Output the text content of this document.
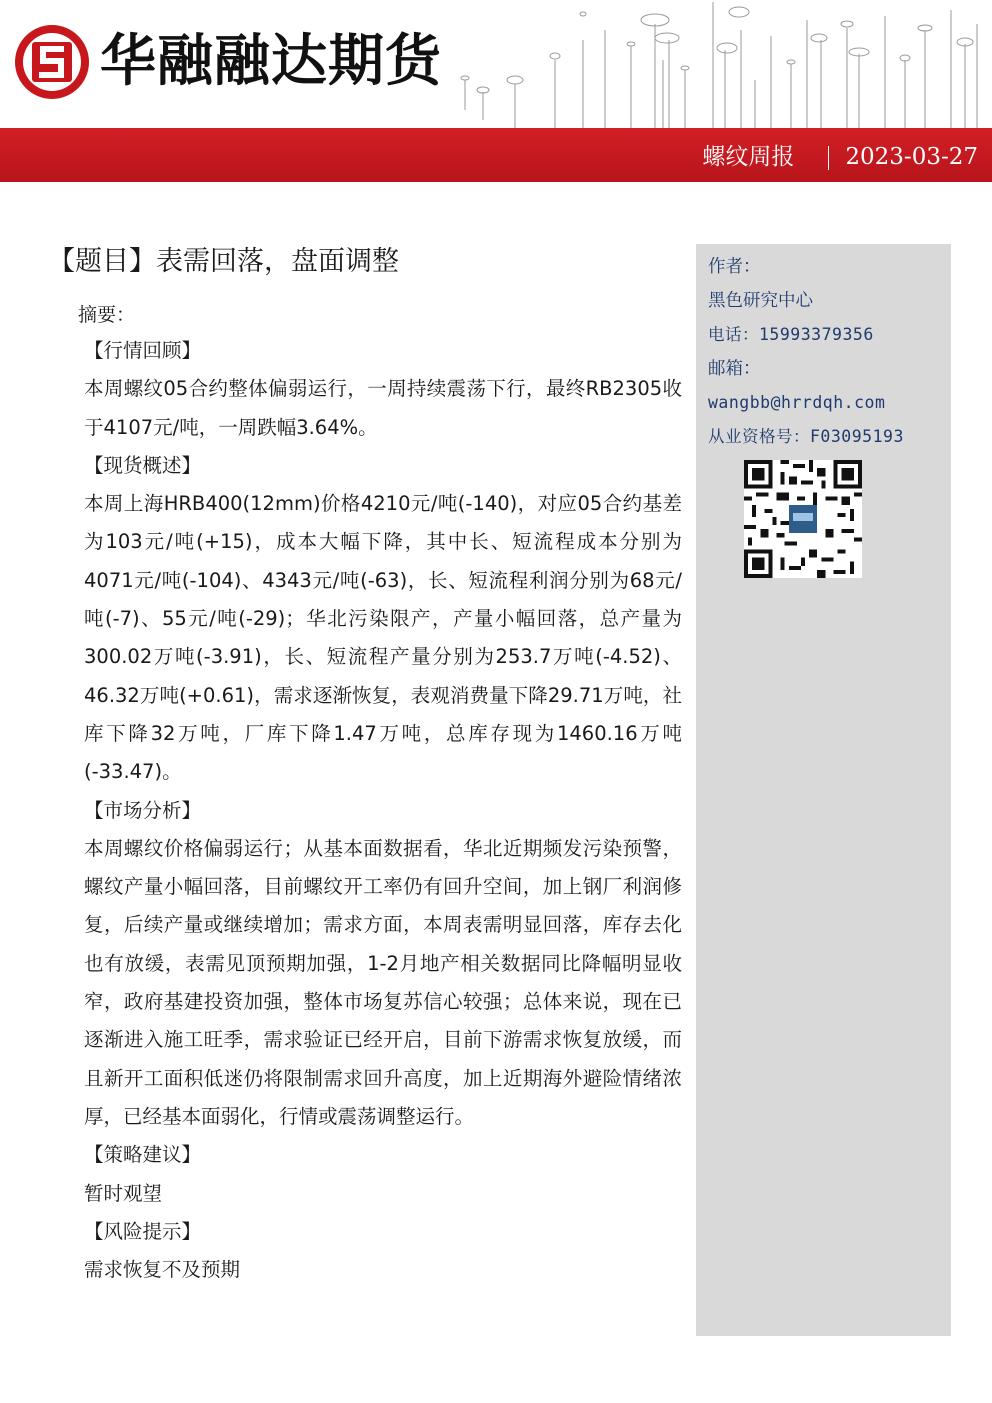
华融融达期货
螺纹周报 2023-03-27
【题目】表需回落，盘面调整
摘要：
【行情回顾】

本周螺纹05合约整体偏弱运行，一周持续震荡下行，最终RB2305收于4107元/吨，一周跌幅3.64%。

【现货概述】

本周上海HRB400(12mm)价格4210元/吨(-140)，对应05合约基差为103元/吨(+15)，成本大幅下降，其中长、短流程成本分别为4071元/吨(-104)、4343元/吨(-63)，长、短流程利润分别为68元/吨(-7)、55元/吨(-29)；华北污染限产，产量小幅回落，总产量为300.02万吨(-3.91)，长、短流程产量分别为253.7万吨(-4.52)、46.32万吨(+0.61)，需求逐渐恢复，表观消费量下降29.71万吨，社库下降32万吨，厂库下降1.47万吨，总库存现为1460.16万吨(-33.47)。

【市场分析】

本周螺纹价格偏弱运行；从基本面数据看，华北近期频发污染预警，螺纹产量小幅回落，目前螺纹开工率仍有回升空间，加上钢厂利润修复，后续产量或继续增加；需求方面，本周表需明显回落，库存去化也有放缓，表需见顶预期加强，1-2月地产相关数据同比降幅明显收窄，政府基建投资加强，整体市场复苏信心较强；总体来说，现在已逐渐进入施工旺季，需求验证已经开启，目前下游需求恢复放缓，而且新开工面积低迷仍将限制需求回升高度，加上近期海外避险情绪浓厚，已经基本面弱化，行情或震荡调整运行。

【策略建议】

暂时观望

【风险提示】

需求恢复不及预期

作者：
黑色研究中心
电话：15993379356
邮箱：
wangbb@hrrdqh.com
从业资格号：F03095193
